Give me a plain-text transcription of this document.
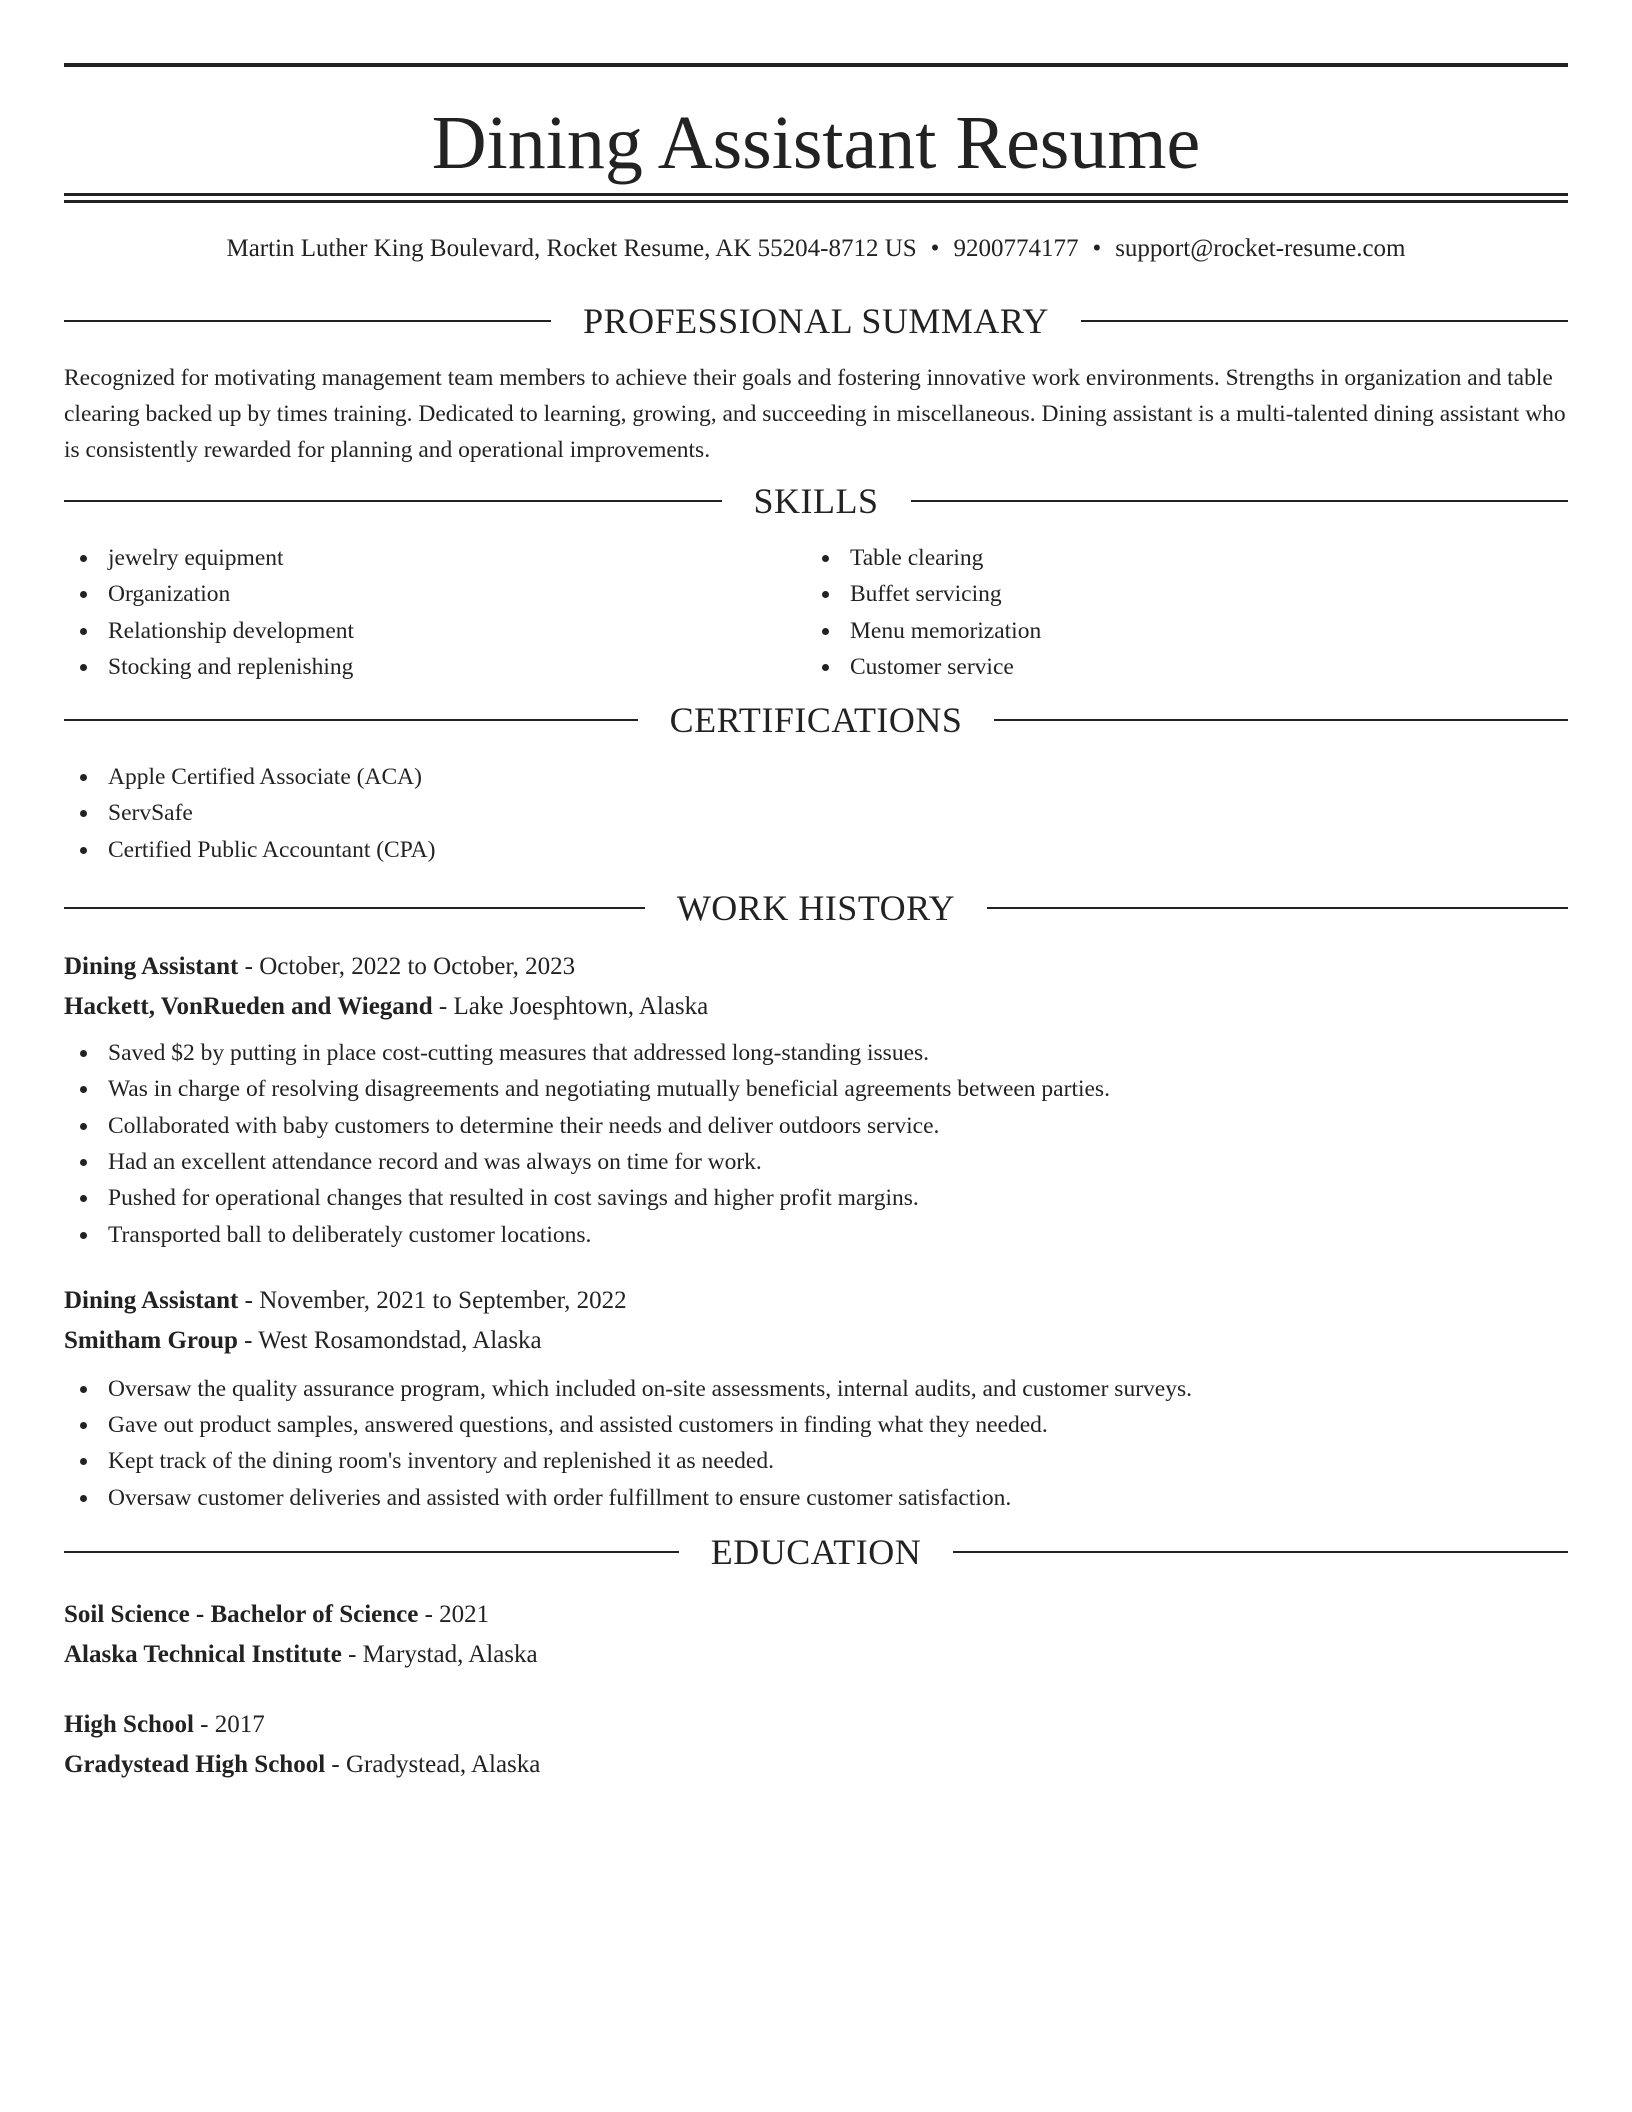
Dining Assistant Resume
Martin Luther King Boulevard, Rocket Resume, AK 55204-8712 US • 9200774177 • support@rocket-resume.com
PROFESSIONAL SUMMARY

Recognized for motivating management team members to achieve their goals and fostering innovative work environments. Strengths in organization and table clearing backed up by times training. Dedicated to learning, growing, and succeeding in miscellaneous. Dining assistant is a multi-talented dining assistant who is consistently rewarded for planning and operational improvements.

SKILLS
jewelry equipment
Organization
Relationship development
Stocking and replenishing
Table clearing
Buffet servicing
Menu memorization
Customer service
CERTIFICATIONS
Apple Certified Associate (ACA)
ServSafe
Certified Public Accountant (CPA)
WORK HISTORY
Dining Assistant - October, 2022 to October, 2023
Hackett, VonRueden and Wiegand - Lake Joesphtown, Alaska
Saved $2 by putting in place cost-cutting measures that addressed long-standing issues.
Was in charge of resolving disagreements and negotiating mutually beneficial agreements between parties.
Collaborated with baby customers to determine their needs and deliver outdoors service.
Had an excellent attendance record and was always on time for work.
Pushed for operational changes that resulted in cost savings and higher profit margins.
Transported ball to deliberately customer locations.
Dining Assistant - November, 2021 to September, 2022
Smitham Group - West Rosamondstad, Alaska
Oversaw the quality assurance program, which included on-site assessments, internal audits, and customer surveys.
Gave out product samples, answered questions, and assisted customers in finding what they needed.
Kept track of the dining room's inventory and replenished it as needed.
Oversaw customer deliveries and assisted with order fulfillment to ensure customer satisfaction.
EDUCATION
Soil Science - Bachelor of Science - 2021
Alaska Technical Institute - Marystad, Alaska
High School - 2017
Gradystead High School - Gradystead, Alaska
